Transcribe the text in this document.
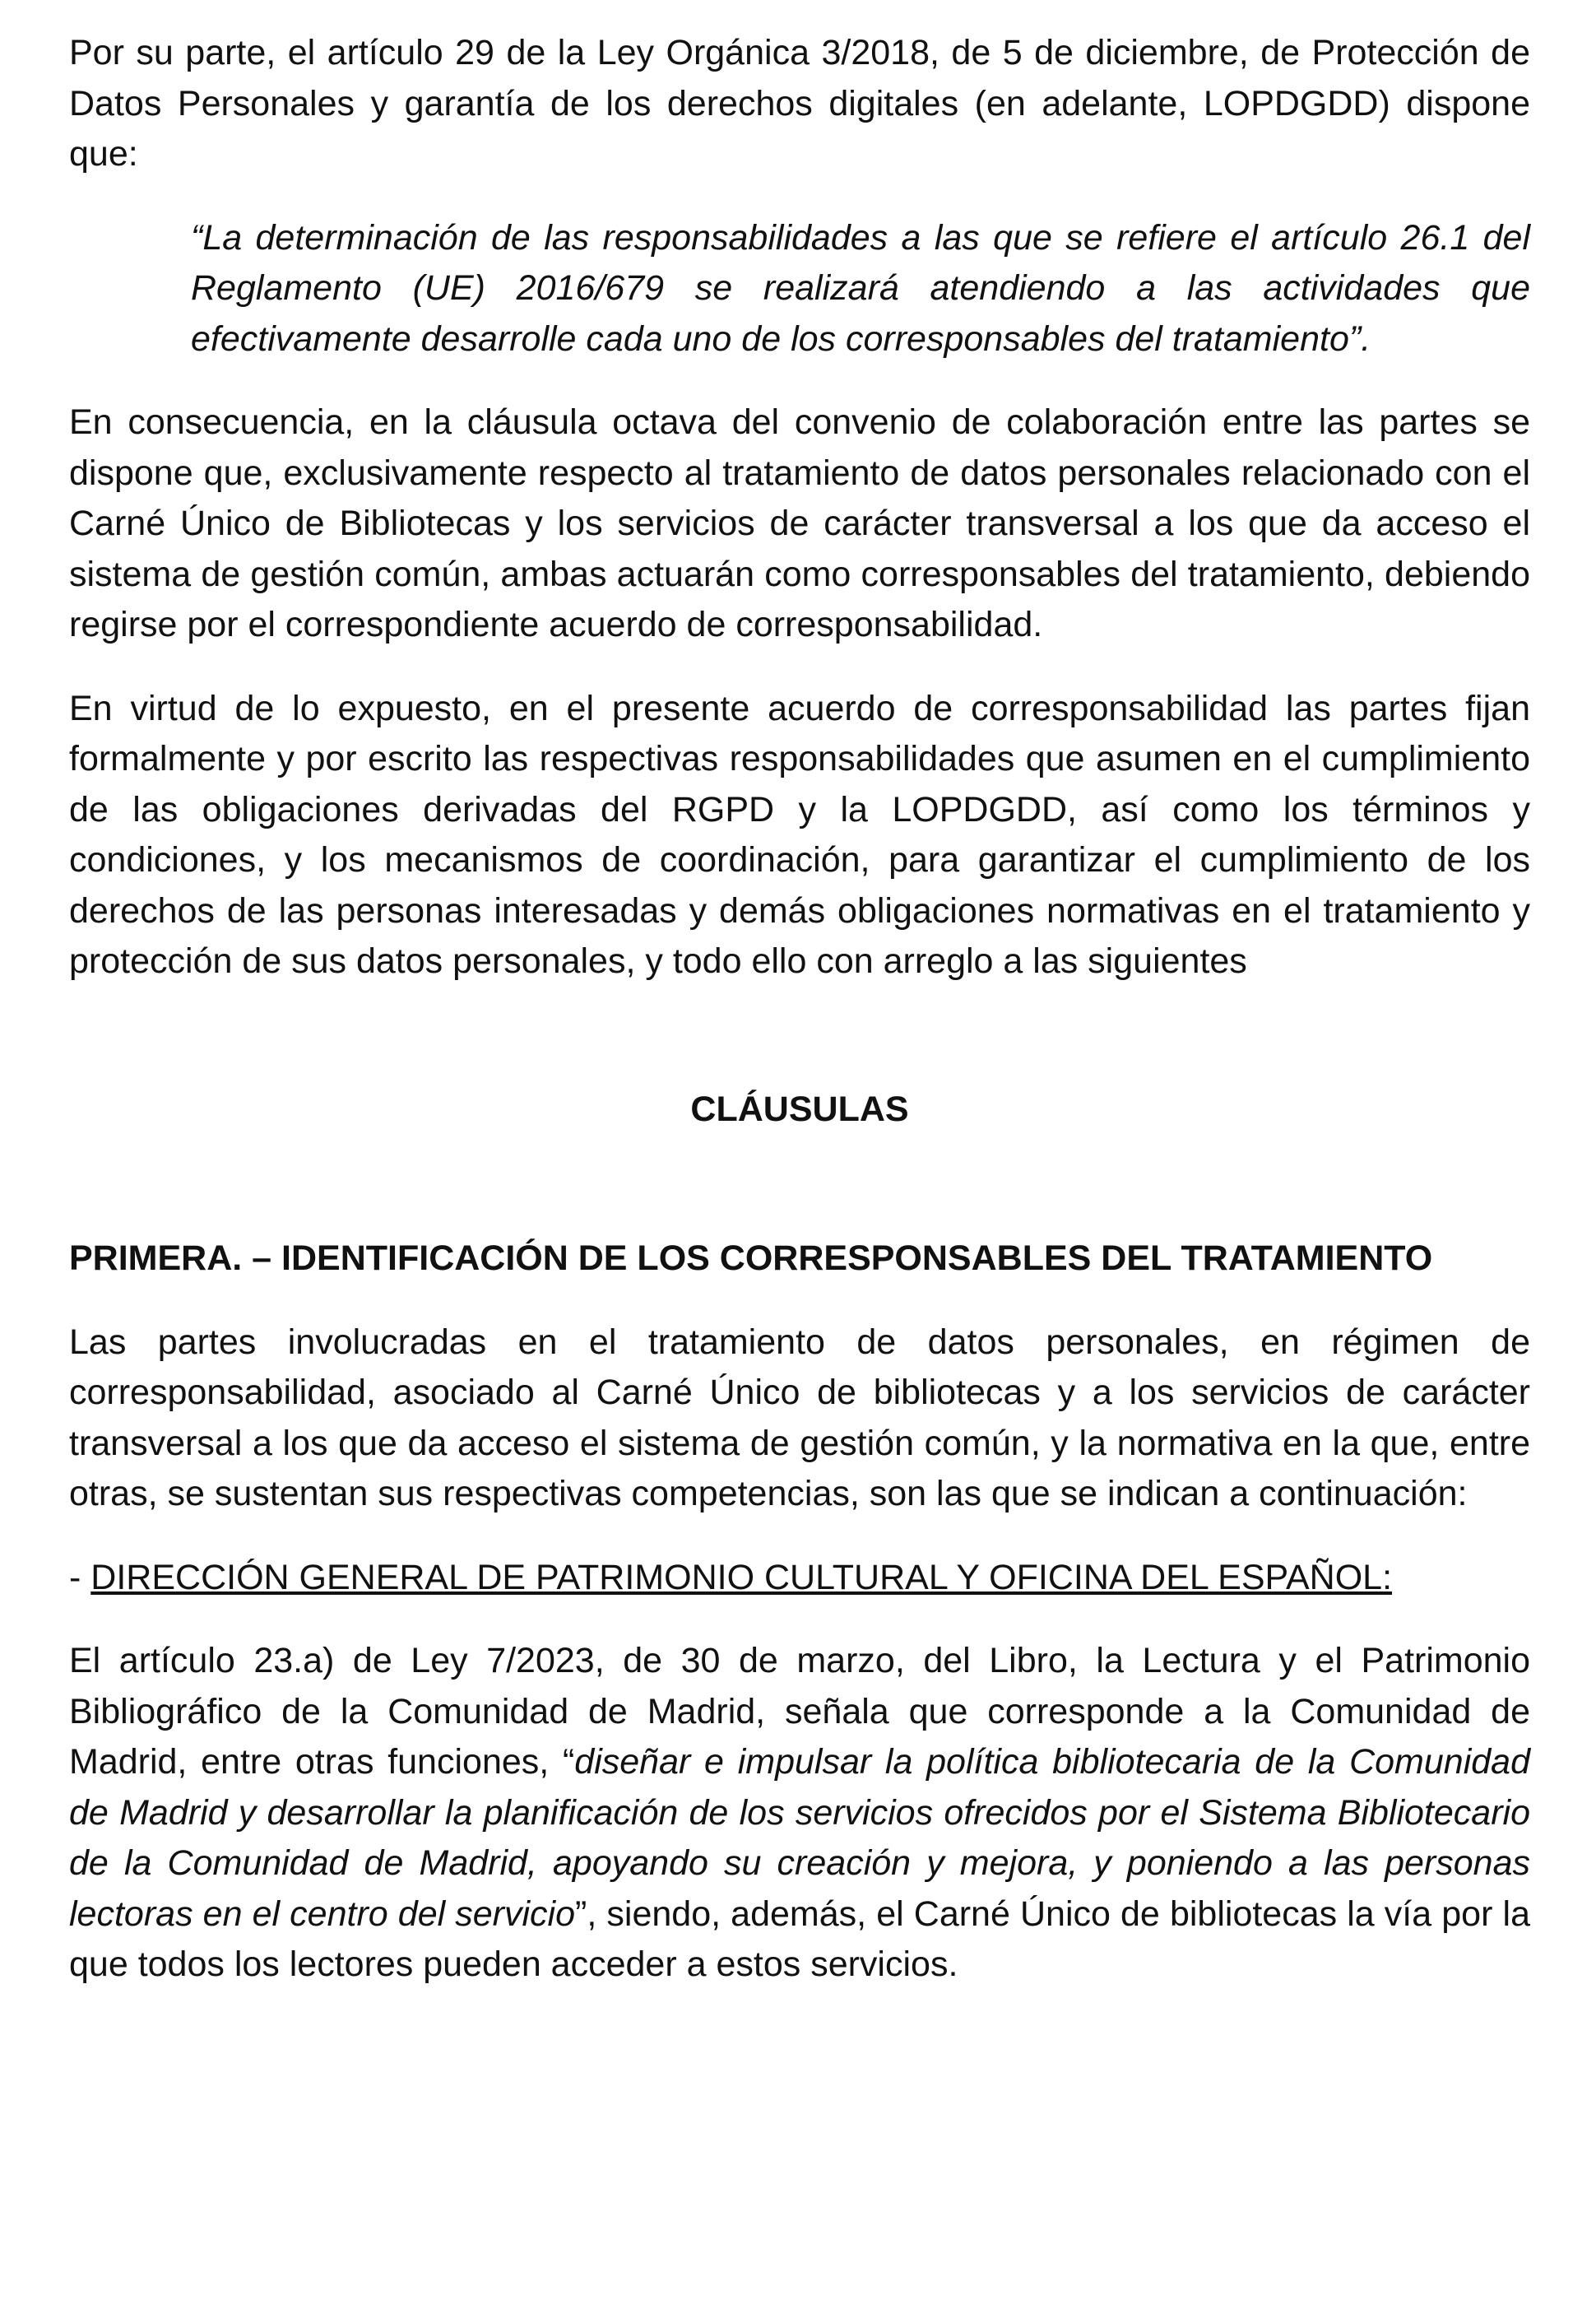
Por su parte, el artículo 29 de la Ley Orgánica 3/2018, de 5 de diciembre, de Protección de Datos Personales y garantía de los derechos digitales (en adelante, LOPDGDD) dispone que:

“La determinación de las responsabilidades a las que se refiere el artículo 26.1 del Reglamento (UE) 2016/679 se realizará atendiendo a las actividades que efectivamente desarrolle cada uno de los corresponsables del tratamiento”.

En consecuencia, en la cláusula octava del convenio de colaboración entre las partes se dispone que, exclusivamente respecto al tratamiento de datos personales relacionado con el Carné Único de Bibliotecas y los servicios de carácter transversal a los que da acceso el sistema de gestión común, ambas actuarán como corresponsables del tratamiento, debiendo regirse por el correspondiente acuerdo de corresponsabilidad.

En virtud de lo expuesto, en el presente acuerdo de corresponsabilidad las partes fijan formalmente y por escrito las respectivas responsabilidades que asumen en el cumplimiento de las obligaciones derivadas del RGPD y la LOPDGDD, así como los términos y condiciones, y los mecanismos de coordinación, para garantizar el cumplimiento de los derechos de las personas interesadas y demás obligaciones normativas en el tratamiento y protección de sus datos personales, y todo ello con arreglo a las siguientes

CLÁUSULAS

PRIMERA. – IDENTIFICACIÓN DE LOS CORRESPONSABLES DEL TRATAMIENTO

Las partes involucradas en el tratamiento de datos personales, en régimen de corresponsabilidad, asociado al Carné Único de bibliotecas y a los servicios de carácter transversal a los que da acceso el sistema de gestión común, y la normativa en la que, entre otras, se sustentan sus respectivas competencias, son las que se indican a continuación:

- DIRECCIÓN GENERAL DE PATRIMONIO CULTURAL Y OFICINA DEL ESPAÑOL:

El artículo 23.a) de Ley 7/2023, de 30 de marzo, del Libro, la Lectura y el Patrimonio Bibliográfico de la Comunidad de Madrid, señala que corresponde a la Comunidad de Madrid, entre otras funciones, “diseñar e impulsar la política bibliotecaria de la Comunidad de Madrid y desarrollar la planificación de los servicios ofrecidos por el Sistema Bibliotecario de la Comunidad de Madrid, apoyando su creación y mejora, y poniendo a las personas lectoras en el centro del servicio”, siendo, además, el Carné Único de bibliotecas la vía por la que todos los lectores pueden acceder a estos servicios.
